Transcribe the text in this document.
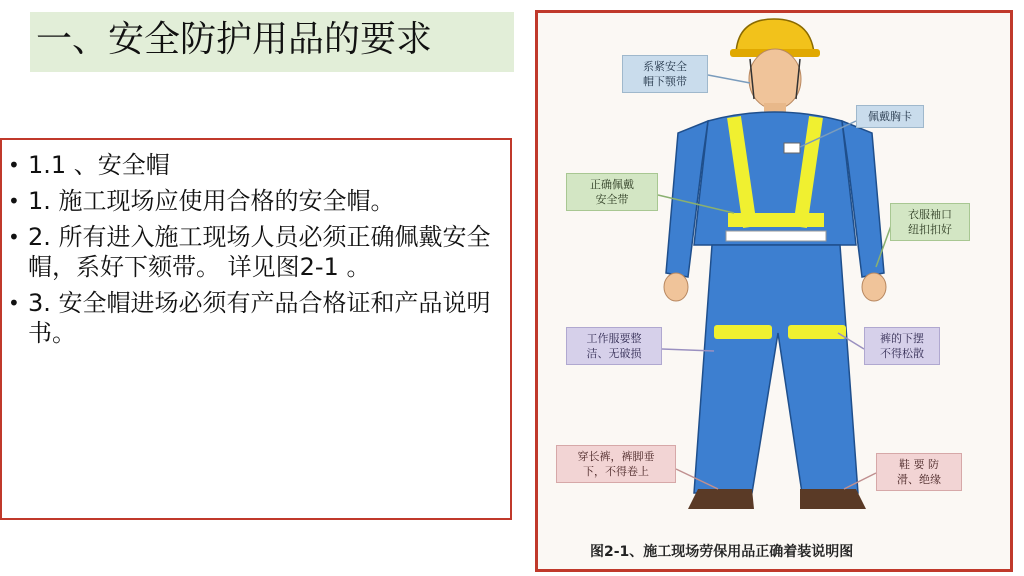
一、安全防护用品的要求
• 1.1 、安全帽
• 1. 施工现场应使用合格的安全帽。
• 2. 所有进入施工现场人员必须正确佩戴安全帽，系好下颏带。 详见图2-1 。
• 3. 安全帽进场必须有产品合格证和产品说明书。
系紧安全
帽下颚带
佩戴胸卡
正确佩戴
安全带
衣服袖口
纽扣扣好
工作服要整
洁、无破损
裤的下摆
不得松散
穿长裤，裤脚垂
下，不得卷上
鞋 要 防
滑、绝缘
图2-1、施工现场劳保用品正确着装说明图
